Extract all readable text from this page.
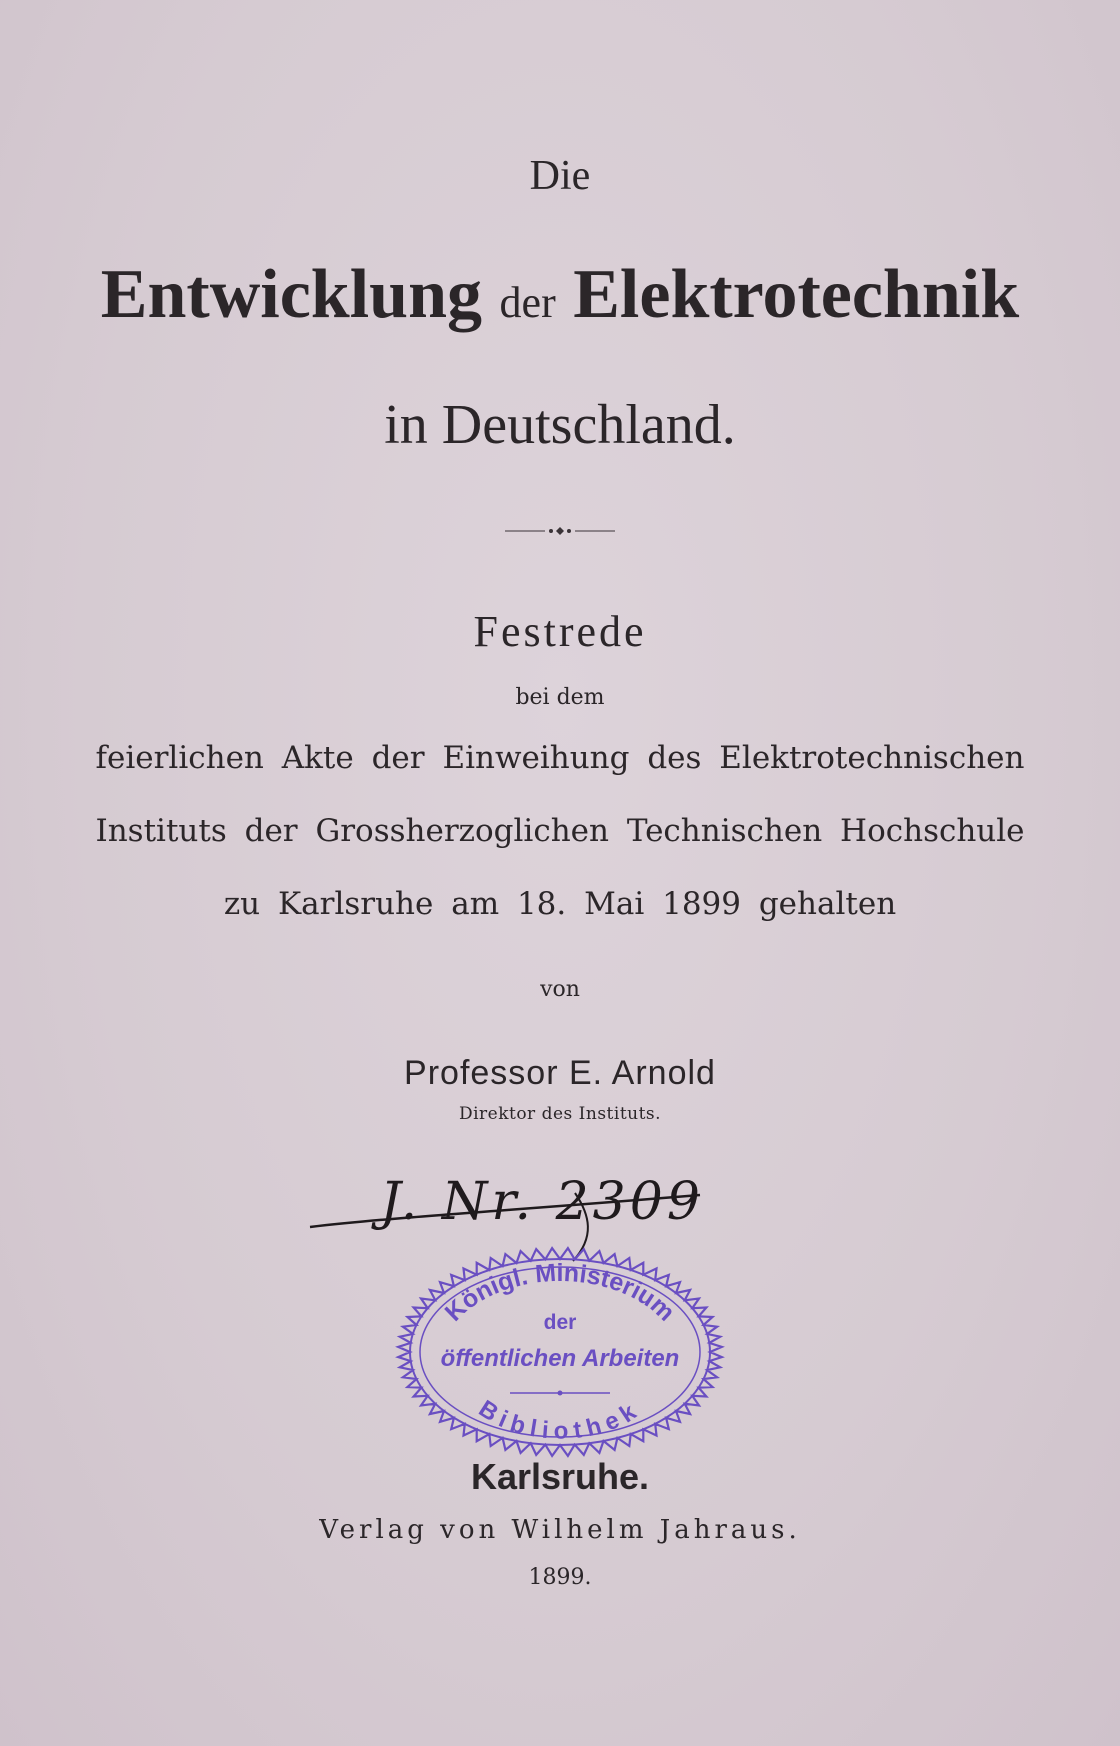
Die
Entwicklung der Elektrotechnik
in Deutschland.
Festrede
bei dem
feierlichen Akte der Einweihung des Elektrotechnischen
Instituts der Grossherzoglichen Technischen Hochschule
zu Karlsruhe am 18. Mai 1899 gehalten
von
Professor E. Arnold
Direktor des Instituts.
J. Nr. 2309
Königl. Ministerium
Bibliothek
der
öffentlichen Arbeiten
Karlsruhe.
Verlag von Wilhelm Jahraus.
1899.
